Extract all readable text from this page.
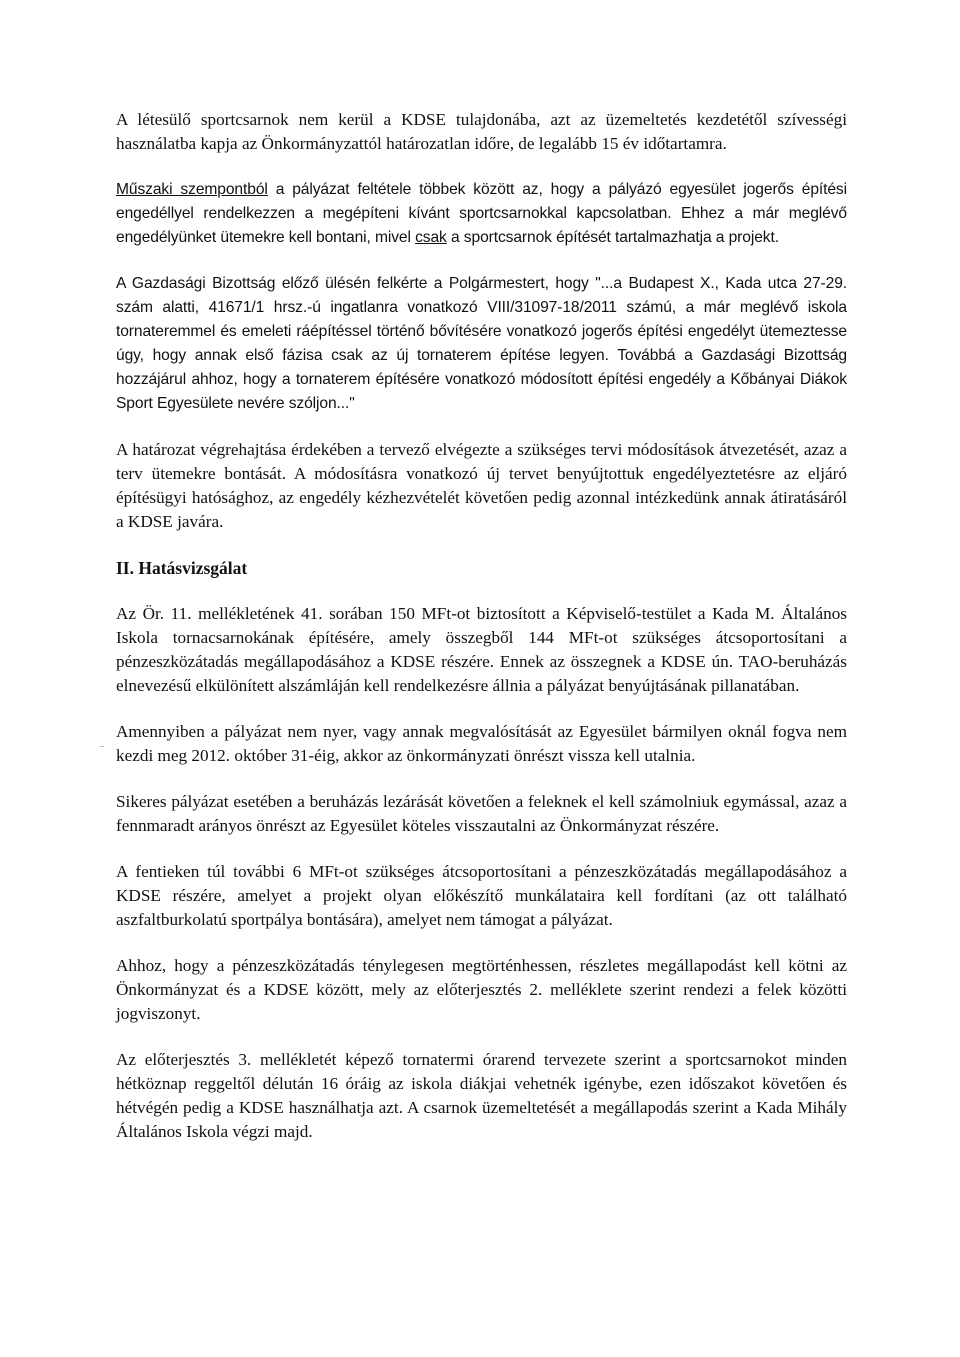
A létesülő sportcsarnok nem kerül a KDSE tulajdonába, azt az üzemeltetés kezdetétől szívességi használatba kapja az Önkormányzattól határozatlan időre, de legalább 15 év időtartamra.

Műszaki szempontból a pályázat feltétele többek között az, hogy a pályázó egyesület jogerős építési engedéllyel rendelkezzen a megépíteni kívánt sportcsarnokkal kapcsolatban. Ehhez a már meglévő engedélyünket ütemekre kell bontani, mivel csak a sportcsarnok építését tartalmazhatja a projekt.

A Gazdasági Bizottság előző ülésén felkérte a Polgármestert, hogy "...a Budapest X., Kada utca 27-29. szám alatti, 41671/1 hrsz.-ú ingatlanra vonatkozó VIII/31097-18/2011 számú, a már meglévő iskola tornateremmel és emeleti ráépítéssel történő bővítésére vonatkozó jogerős építési engedélyt ütemeztesse úgy, hogy annak első fázisa csak az új tornaterem építése legyen. Továbbá a Gazdasági Bizottság hozzájárul ahhoz, hogy a tornaterem építésére vonatkozó módosított építési engedély a Kőbányai Diákok Sport Egyesülete nevére szóljon..."

A határozat végrehajtása érdekében a tervező elvégezte a szükséges tervi módosítások átvezetését, azaz a terv ütemekre bontását. A módosításra vonatkozó új tervet benyújtottuk engedélyeztetésre az eljáró építésügyi hatósághoz, az engedély kézhezvételét követően pedig azonnal intézkedünk annak átiratásáról a KDSE javára.

II. Hatásvizsgálat

Az Ör. 11. mellékletének 41. sorában 150 MFt-ot biztosított a Képviselő-testület a Kada M. Általános Iskola tornacsarnokának építésére, amely összegből 144 MFt-ot szükséges átcsoportosítani a pénzeszközátadás megállapodásához a KDSE részére. Ennek az összegnek a KDSE ún. TAO-beruházás elnevezésű elkülönített alszámláján kell rendelkezésre állnia a pályázat benyújtásának pillanatában.

Amennyiben a pályázat nem nyer, vagy annak megvalósítását az Egyesület bármilyen oknál fogva nem kezdi meg 2012. október 31-éig, akkor az önkormányzati önrészt vissza kell utalnia.

Sikeres pályázat esetében a beruházás lezárását követően a feleknek el kell számolniuk egymással, azaz a fennmaradt arányos önrészt az Egyesület köteles visszautalni az Önkormányzat részére.

A fentieken túl további 6 MFt-ot szükséges átcsoportosítani a pénzeszközátadás megállapodásához a KDSE részére, amelyet a projekt olyan előkészítő munkálataira kell fordítani (az ott található aszfaltburkolatú sportpálya bontására), amelyet nem támogat a pályázat.

Ahhoz, hogy a pénzeszközátadás ténylegesen megtörténhessen, részletes megállapodást kell kötni az Önkormányzat és a KDSE között, mely az előterjesztés 2. melléklete szerint rendezi a felek közötti jogviszonyt.

Az előterjesztés 3. mellékletét képező tornatermi órarend tervezete szerint a sportcsarnokot minden hétköznap reggeltől délután 16 óráig az iskola diákjai vehetnék igénybe, ezen időszakot követően és hétvégén pedig a KDSE használhatja azt. A csarnok üzemeltetését a megállapodás szerint a Kada Mihály Általános Iskola végzi majd.
